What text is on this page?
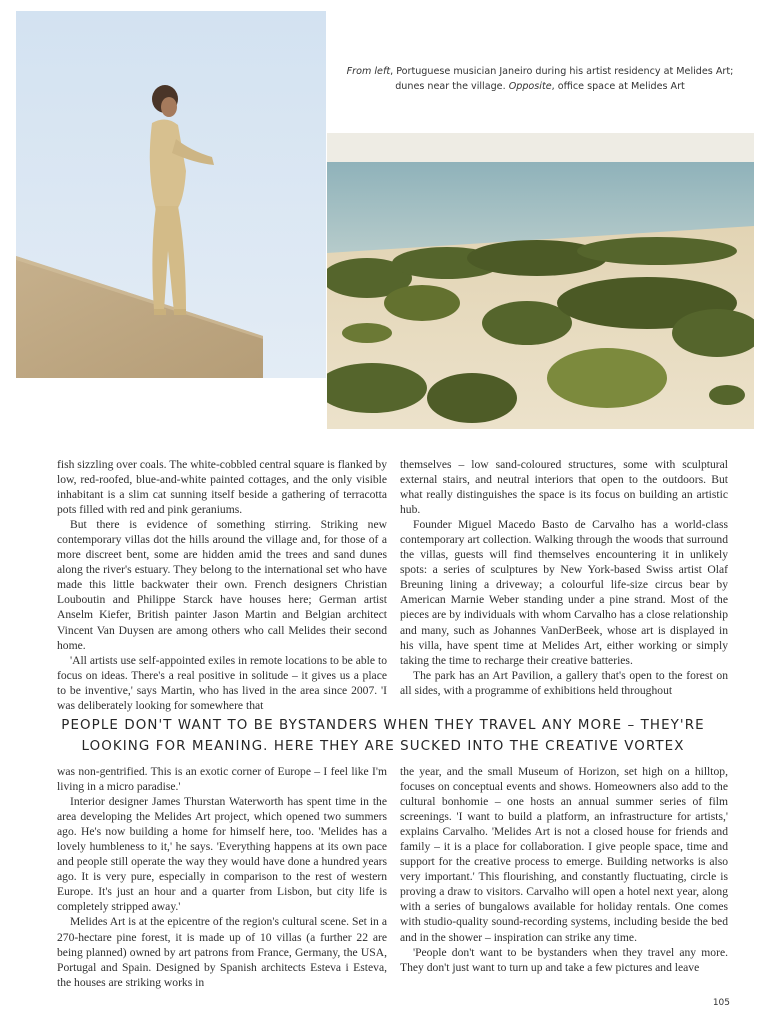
From left, Portuguese musician Janeiro during his artist residency at Melides Art; dunes near the village. Opposite, office space at Melides Art

fish sizzling over coals. The white-cobbled central square is flanked by low, red-roofed, blue-and-white painted cottages, and the only visible inhabitant is a slim cat sunning itself beside a gathering of terracotta pots filled with red and pink geraniums.

But there is evidence of something stirring. Striking new contemporary villas dot the hills around the village and, for those of a more discreet bent, some are hidden amid the trees and sand dunes along the river's estuary. They belong to the international set who have made this little backwater their own. French designers Christian Louboutin and Philippe Starck have houses here; German artist Anselm Kiefer, British painter Jason Martin and Belgian architect Vincent Van Duysen are among others who call Melides their second home.

'All artists use self-appointed exiles in remote locations to be able to focus on ideas. There's a real positive in solitude – it gives us a place to be inventive,' says Martin, who has lived in the area since 2007. 'I was deliberately looking for somewhere that

themselves – low sand-coloured structures, some with sculptural external stairs, and neutral interiors that open to the outdoors. But what really distinguishes the space is its focus on building an artistic hub.

Founder Miguel Macedo Basto de Carvalho has a world-class contemporary art collection. Walking through the woods that surround the villas, guests will find themselves encountering it in unlikely spots: a series of sculptures by New York-based Swiss artist Olaf Breuning lining a driveway; a colourful life-size circus bear by American Marnie Weber standing under a pine strand. Most of the pieces are by individuals with whom Carvalho has a close relationship and many, such as Johannes VanDerBeek, whose art is displayed in his villa, have spent time at Melides Art, either working or simply taking the time to recharge their creative batteries.

The park has an Art Pavilion, a gallery that's open to the forest on all sides, with a programme of exhibitions held throughout

PEOPLE DON'T WANT TO BE BYSTANDERS WHEN THEY TRAVEL ANY MORE – THEY'RE
LOOKING FOR MEANING. HERE THEY ARE SUCKED INTO THE CREATIVE VORTEX

was non-gentrified. This is an exotic corner of Europe – I feel like I'm living in a micro paradise.'

Interior designer James Thurstan Waterworth has spent time in the area developing the Melides Art project, which opened two summers ago. He's now building a home for himself here, too. 'Melides has a lovely humbleness to it,' he says. 'Everything happens at its own pace and people still operate the way they would have done a hundred years ago. It is very pure, especially in comparison to the rest of western Europe. It's just an hour and a quarter from Lisbon, but city life is completely stripped away.'

Melides Art is at the epicentre of the region's cultural scene. Set in a 270-hectare pine forest, it is made up of 10 villas (a further 22 are being planned) owned by art patrons from France, Germany, the USA, Portugal and Spain. Designed by Spanish architects Esteva i Esteva, the houses are striking works in

the year, and the small Museum of Horizon, set high on a hilltop, focuses on conceptual events and shows. Homeowners also add to the cultural bonhomie – one hosts an annual summer series of film screenings. 'I want to build a platform, an infrastructure for artists,' explains Carvalho. 'Melides Art is not a closed house for friends and family – it is a place for collaboration. I give people space, time and support for the creative process to emerge. Building networks is also very important.' This flourishing, and constantly fluctuating, circle is proving a draw to visitors. Carvalho will open a hotel next year, along with a series of bungalows available for holiday rentals. One comes with studio-quality sound-recording systems, including beside the bed and in the shower – inspiration can strike any time.

'People don't want to be bystanders when they travel any more. They don't just want to turn up and take a few pictures and leave

105
